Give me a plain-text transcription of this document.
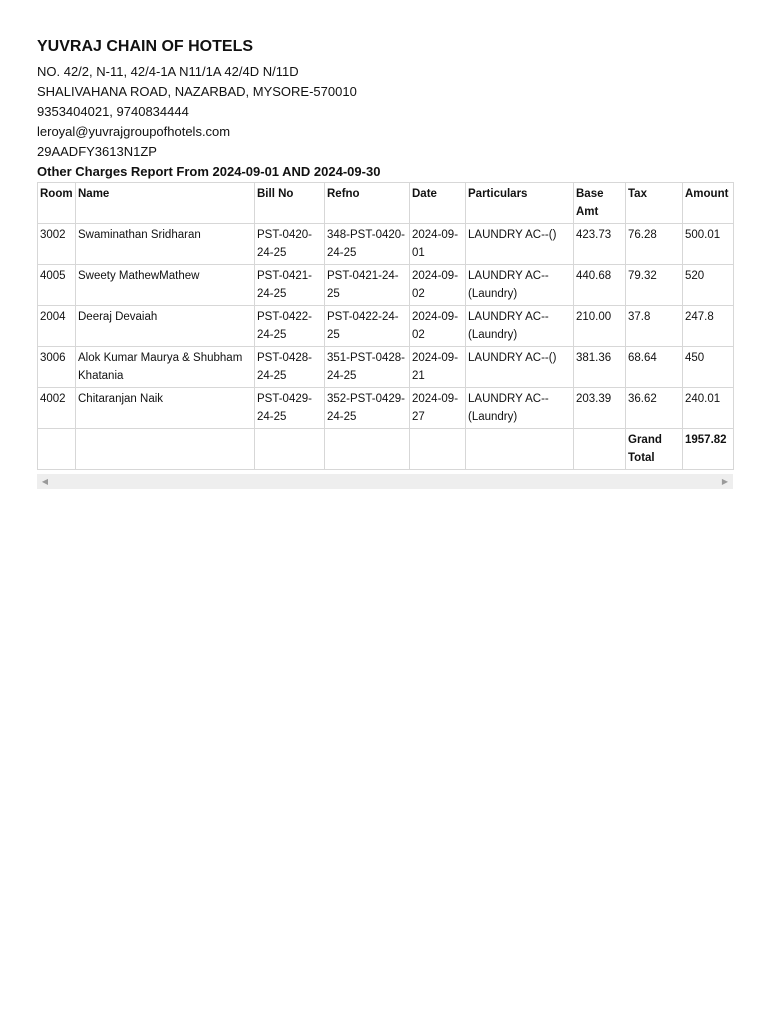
YUVRAJ CHAIN OF HOTELS
NO. 42/2, N-11, 42/4-1A N11/1A 42/4D N/11D
SHALIVAHANA ROAD, NAZARBAD, MYSORE-570010
9353404021, 9740834444
leroyal@yuvrajgroupofhotels.com
29AADFY3613N1ZP
Other Charges Report From 2024-09-01 AND 2024-09-30
Room	Name	Bill No	Refno	Date	Particulars	Base Amt	Tax	Amount
3002	Swaminathan Sridharan	PST-0420-24-25	348-PST-0420-24-25	2024-09-01	LAUNDRY AC--()	423.73	76.28	500.01
4005	Sweety MathewMathew	PST-0421-24-25	PST-0421-24-25	2024-09-02	LAUNDRY AC--(Laundry)	440.68	79.32	520
2004	Deeraj Devaiah	PST-0422-24-25	PST-0422-24-25	2024-09-02	LAUNDRY AC--(Laundry)	210.00	37.8	247.8
3006	Alok Kumar Maurya & Shubham Khatania	PST-0428-24-25	351-PST-0428-24-25	2024-09-21	LAUNDRY AC--()	381.36	68.64	450
4002	Chitaranjan Naik	PST-0429-24-25	352-PST-0429-24-25	2024-09-27	LAUNDRY AC--(Laundry)	203.39	36.62	240.01
							Grand Total	1957.82
◀	▶
